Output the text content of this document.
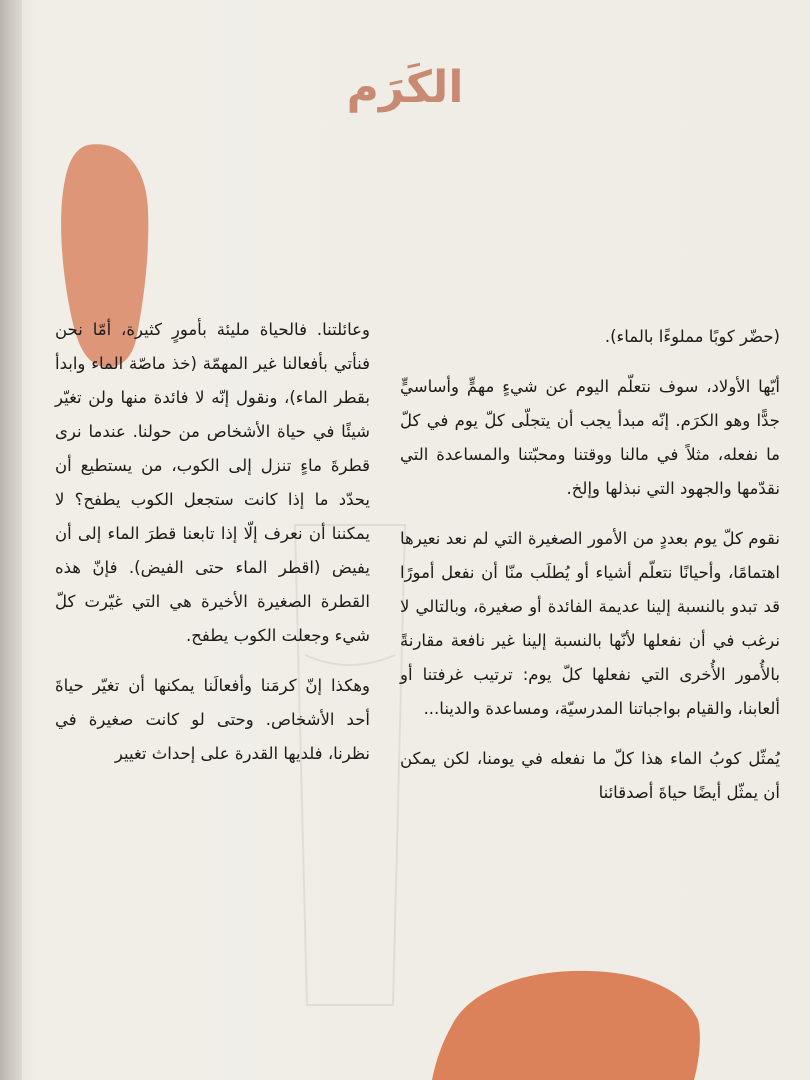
الكَرَم

(حضّر كوبًا مملوءًا بالماء).

أيّها الأولاد، سوف نتعلّم اليوم عن شيءٍ مهمٍّ وأساسيٍّ جدًّا وهو الكرَم. إنّه مبدأ يجب أن يتجلّى كلّ يوم في كلّ ما نفعله، مثلاً في مالنا ووقتنا ومحبّتنا والمساعدة التي نقدّمها والجهود التي نبذلها وإلخ.

نقوم كلّ يوم بعددٍ من الأمور الصغيرة التي لم نعد نعيرها اهتمامًا، وأحيانًا نتعلّم أشياء أو يُطلَب منّا أن نفعل أمورًا قد تبدو بالنسبة إلينا عديمة الفائدة أو صغيرة، وبالتالي لا نرغب في أن نفعلها لأنّها بالنسبة إلينا غير نافعة مقارنةً بالأُمور الأُخرى التي نفعلها كلّ يوم: ترتيب غرفتنا أو ألعابنا، والقيام بواجباتنا المدرسيّة، ومساعدة والدينا...

يُمثّل كوبُ الماء هذا كلّ ما نفعله في يومنا، لكن يمكن أن يمثّل أيضًا حياةَ أصدقائنا

وعائلتنا. فالحياة مليئة بأمورٍ كثيرة، أمّا نحن فنأتي بأفعالنا غير المهمّة (خذ ماصّة الماء وابدأ بقطر الماء)، ونقول إنّه لا فائدة منها ولن تغيّر شيئًا في حياة الأشخاص من حولنا. عندما نرى قطرةَ ماءٍ تنزل إلى الكوب، من يستطيع أن يحدّد ما إذا كانت ستجعل الكوب يطفح؟ لا يمكننا أن نعرف إلّا إذا تابعنا قطرَ الماء إلى أن يفيض (اقطر الماء حتى الفيض). فإنّ هذه القطرة الصغيرة الأخيرة هي التي غيّرت كلّ شيء وجعلت الكوب يطفح.

وهكذا إنّ كرمَنا وأفعالَنا يمكنها أن تغيّر حياةَ أحد الأشخاص. وحتى لو كانت صغيرة في نظرنا، فلديها القدرة على إحداث تغيير
